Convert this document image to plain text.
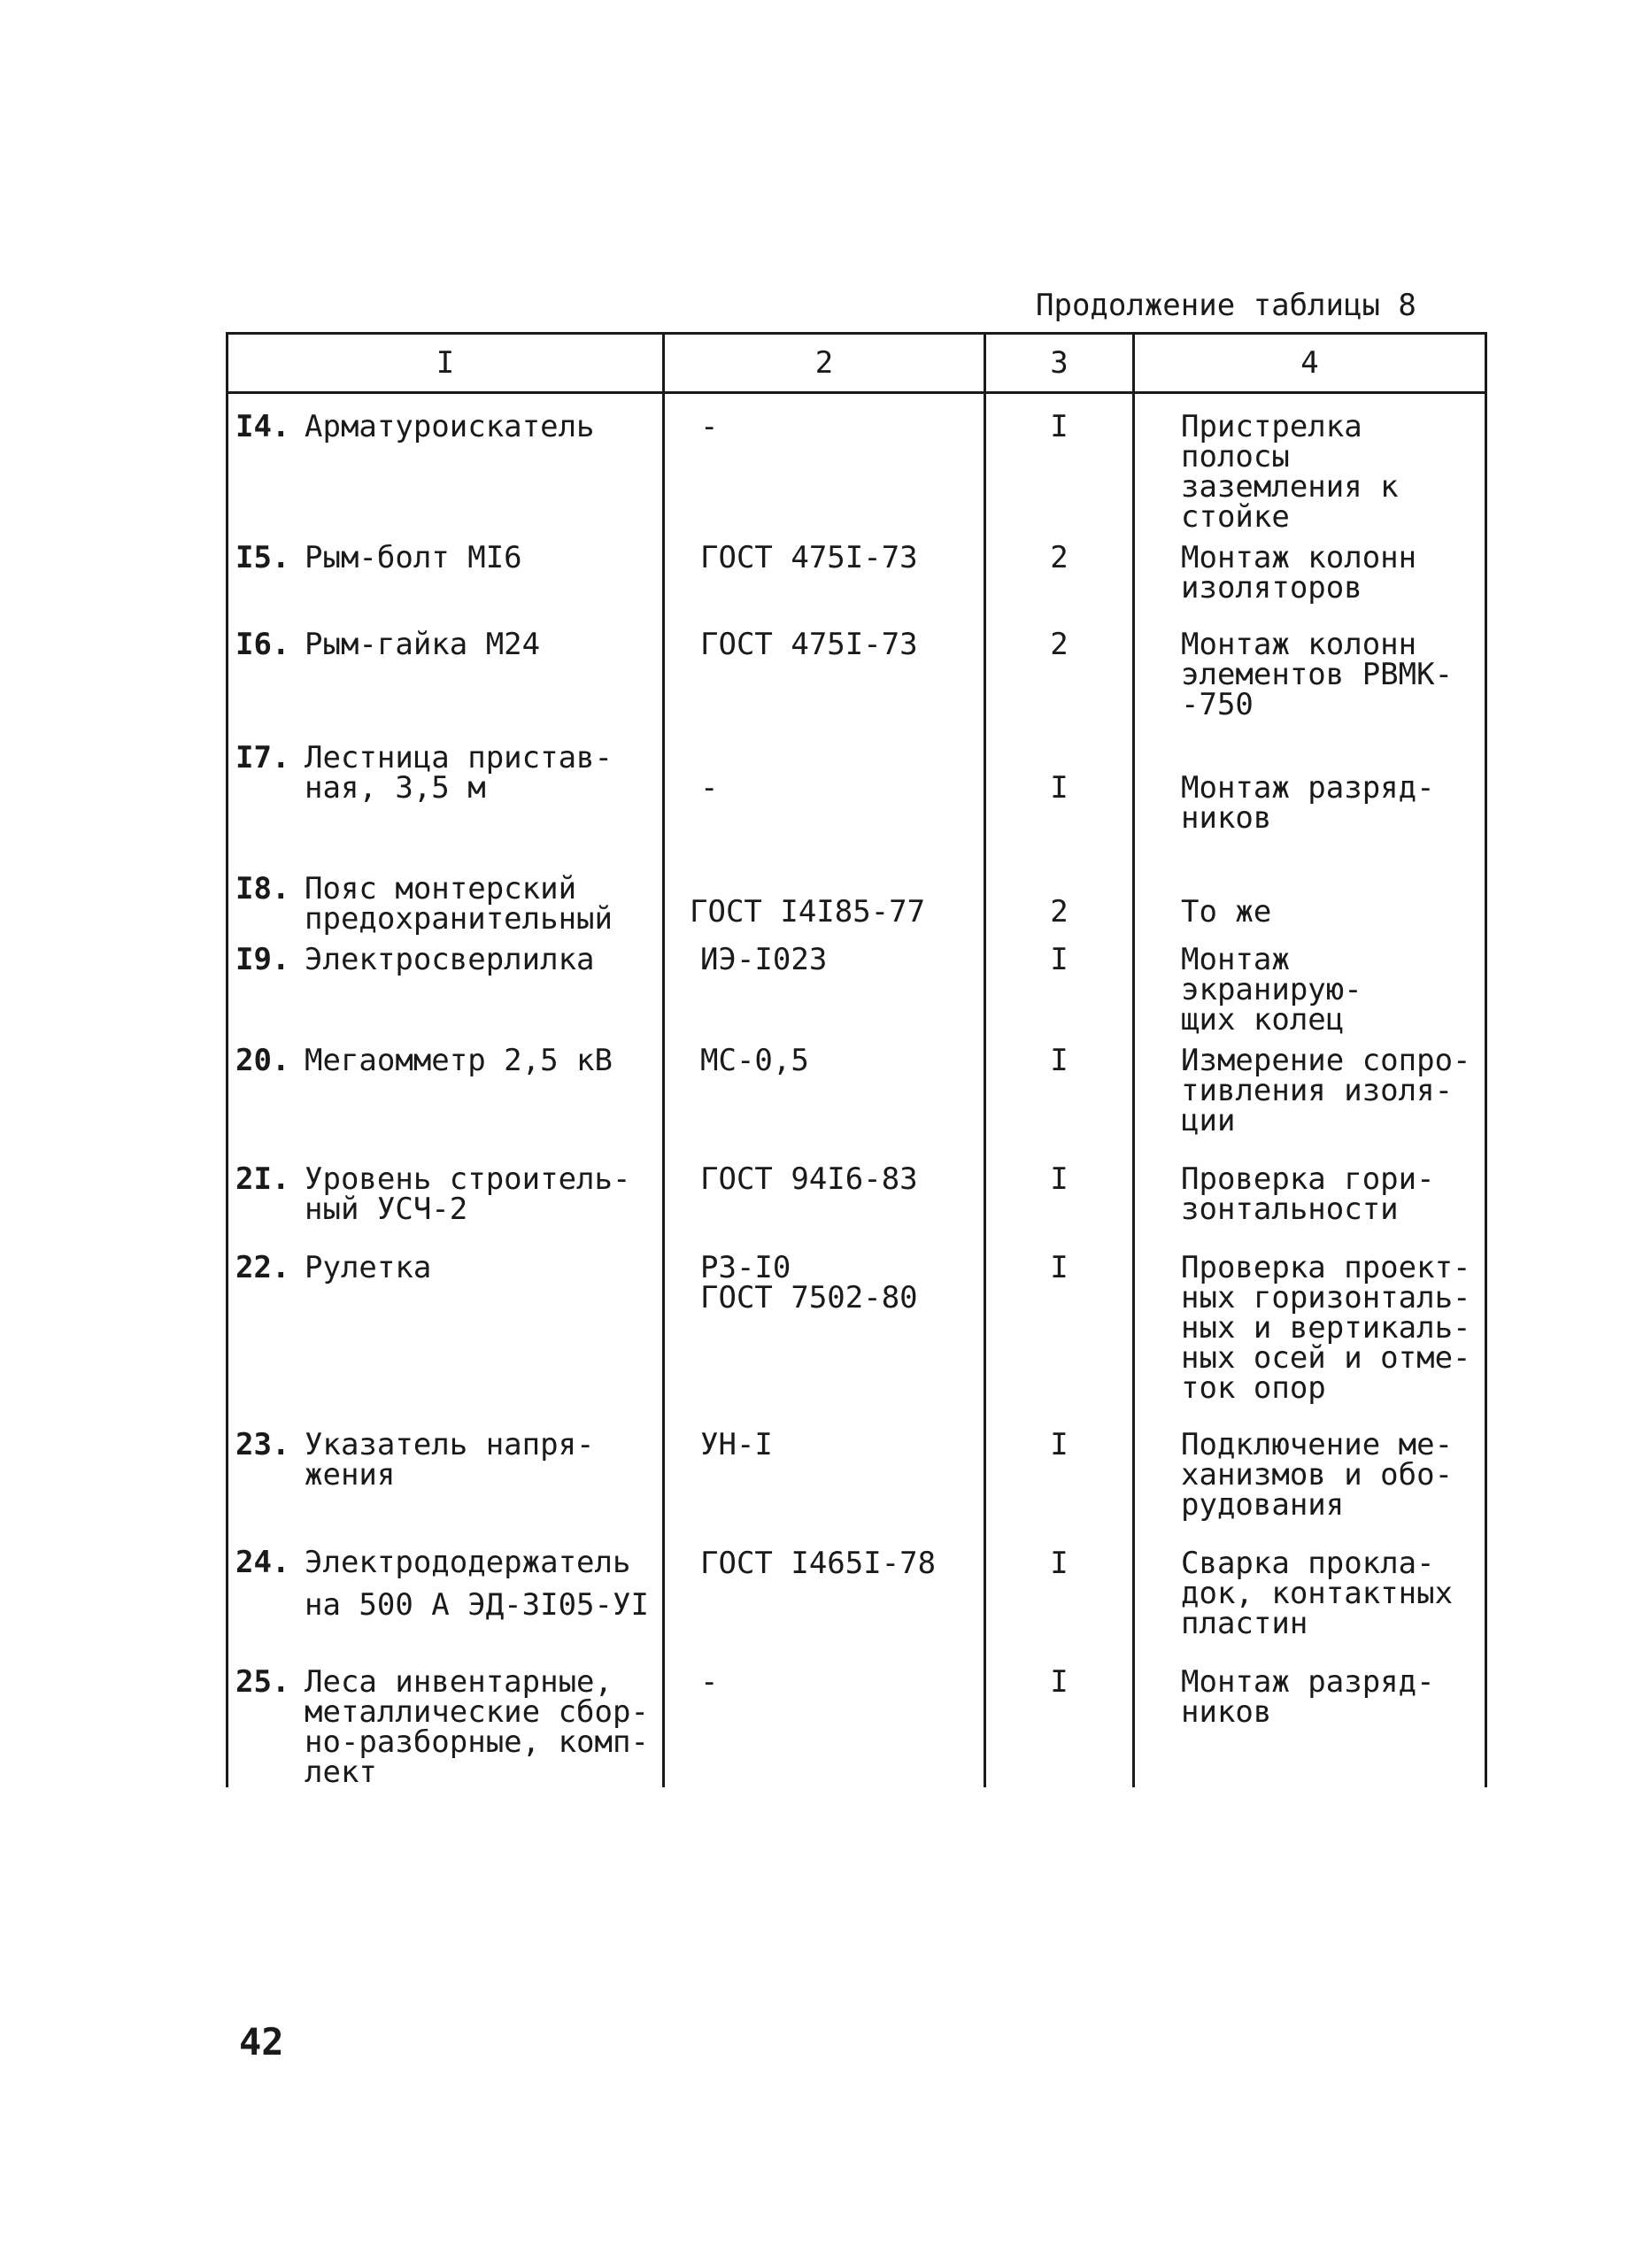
Продолжение таблицы 8
I	2	3	4
I4. Арматуроискатель	-	I	Пристрелка полосы
заземления к стойке
I5. Рым-болт МI6	ГОСТ 475I-73	2	Монтаж колонн
изоляторов
I6. Рым-гайка М24	ГОСТ 475I-73	2	Монтаж колонн
элементов РВМК-
-750
I7. Лестница пристав-
ная, 3,5 м	-	I	Монтаж разряд-
ников
I8. Пояс монтерский
предохранительный	ГОСТ I4I85-77	2	То же
I9. Электросверлилка	ИЭ-I023	I	Монтаж экранирую-
щих колец
20. Мегаомметр 2,5 кВ	МС-0,5	I	Измерение сопро-
тивления изоля-
ции
2I. Уровень строитель-
ный УСЧ-2	ГОСТ 94I6-83	I	Проверка гори-
зонтальности
22. Рулетка	РЗ-I0
ГОСТ 7502-80	I	Проверка проект-
ных горизонталь-
ных и вертикаль-
ных осей и отме-
ток опор
23. Указатель напря-
жения	УН-I	I	Подключение ме-
ханизмов и обо-
рудования
24. Электрододержатель
на 500 А ЭД-3I05-УI	ГОСТ I465I-78	I	Сварка прокла-
док, контактных
пластин
25. Леса инвентарные,
металлические сбор-
но-разборные, комп-
лект	-	I	Монтаж разряд-
ников
42
